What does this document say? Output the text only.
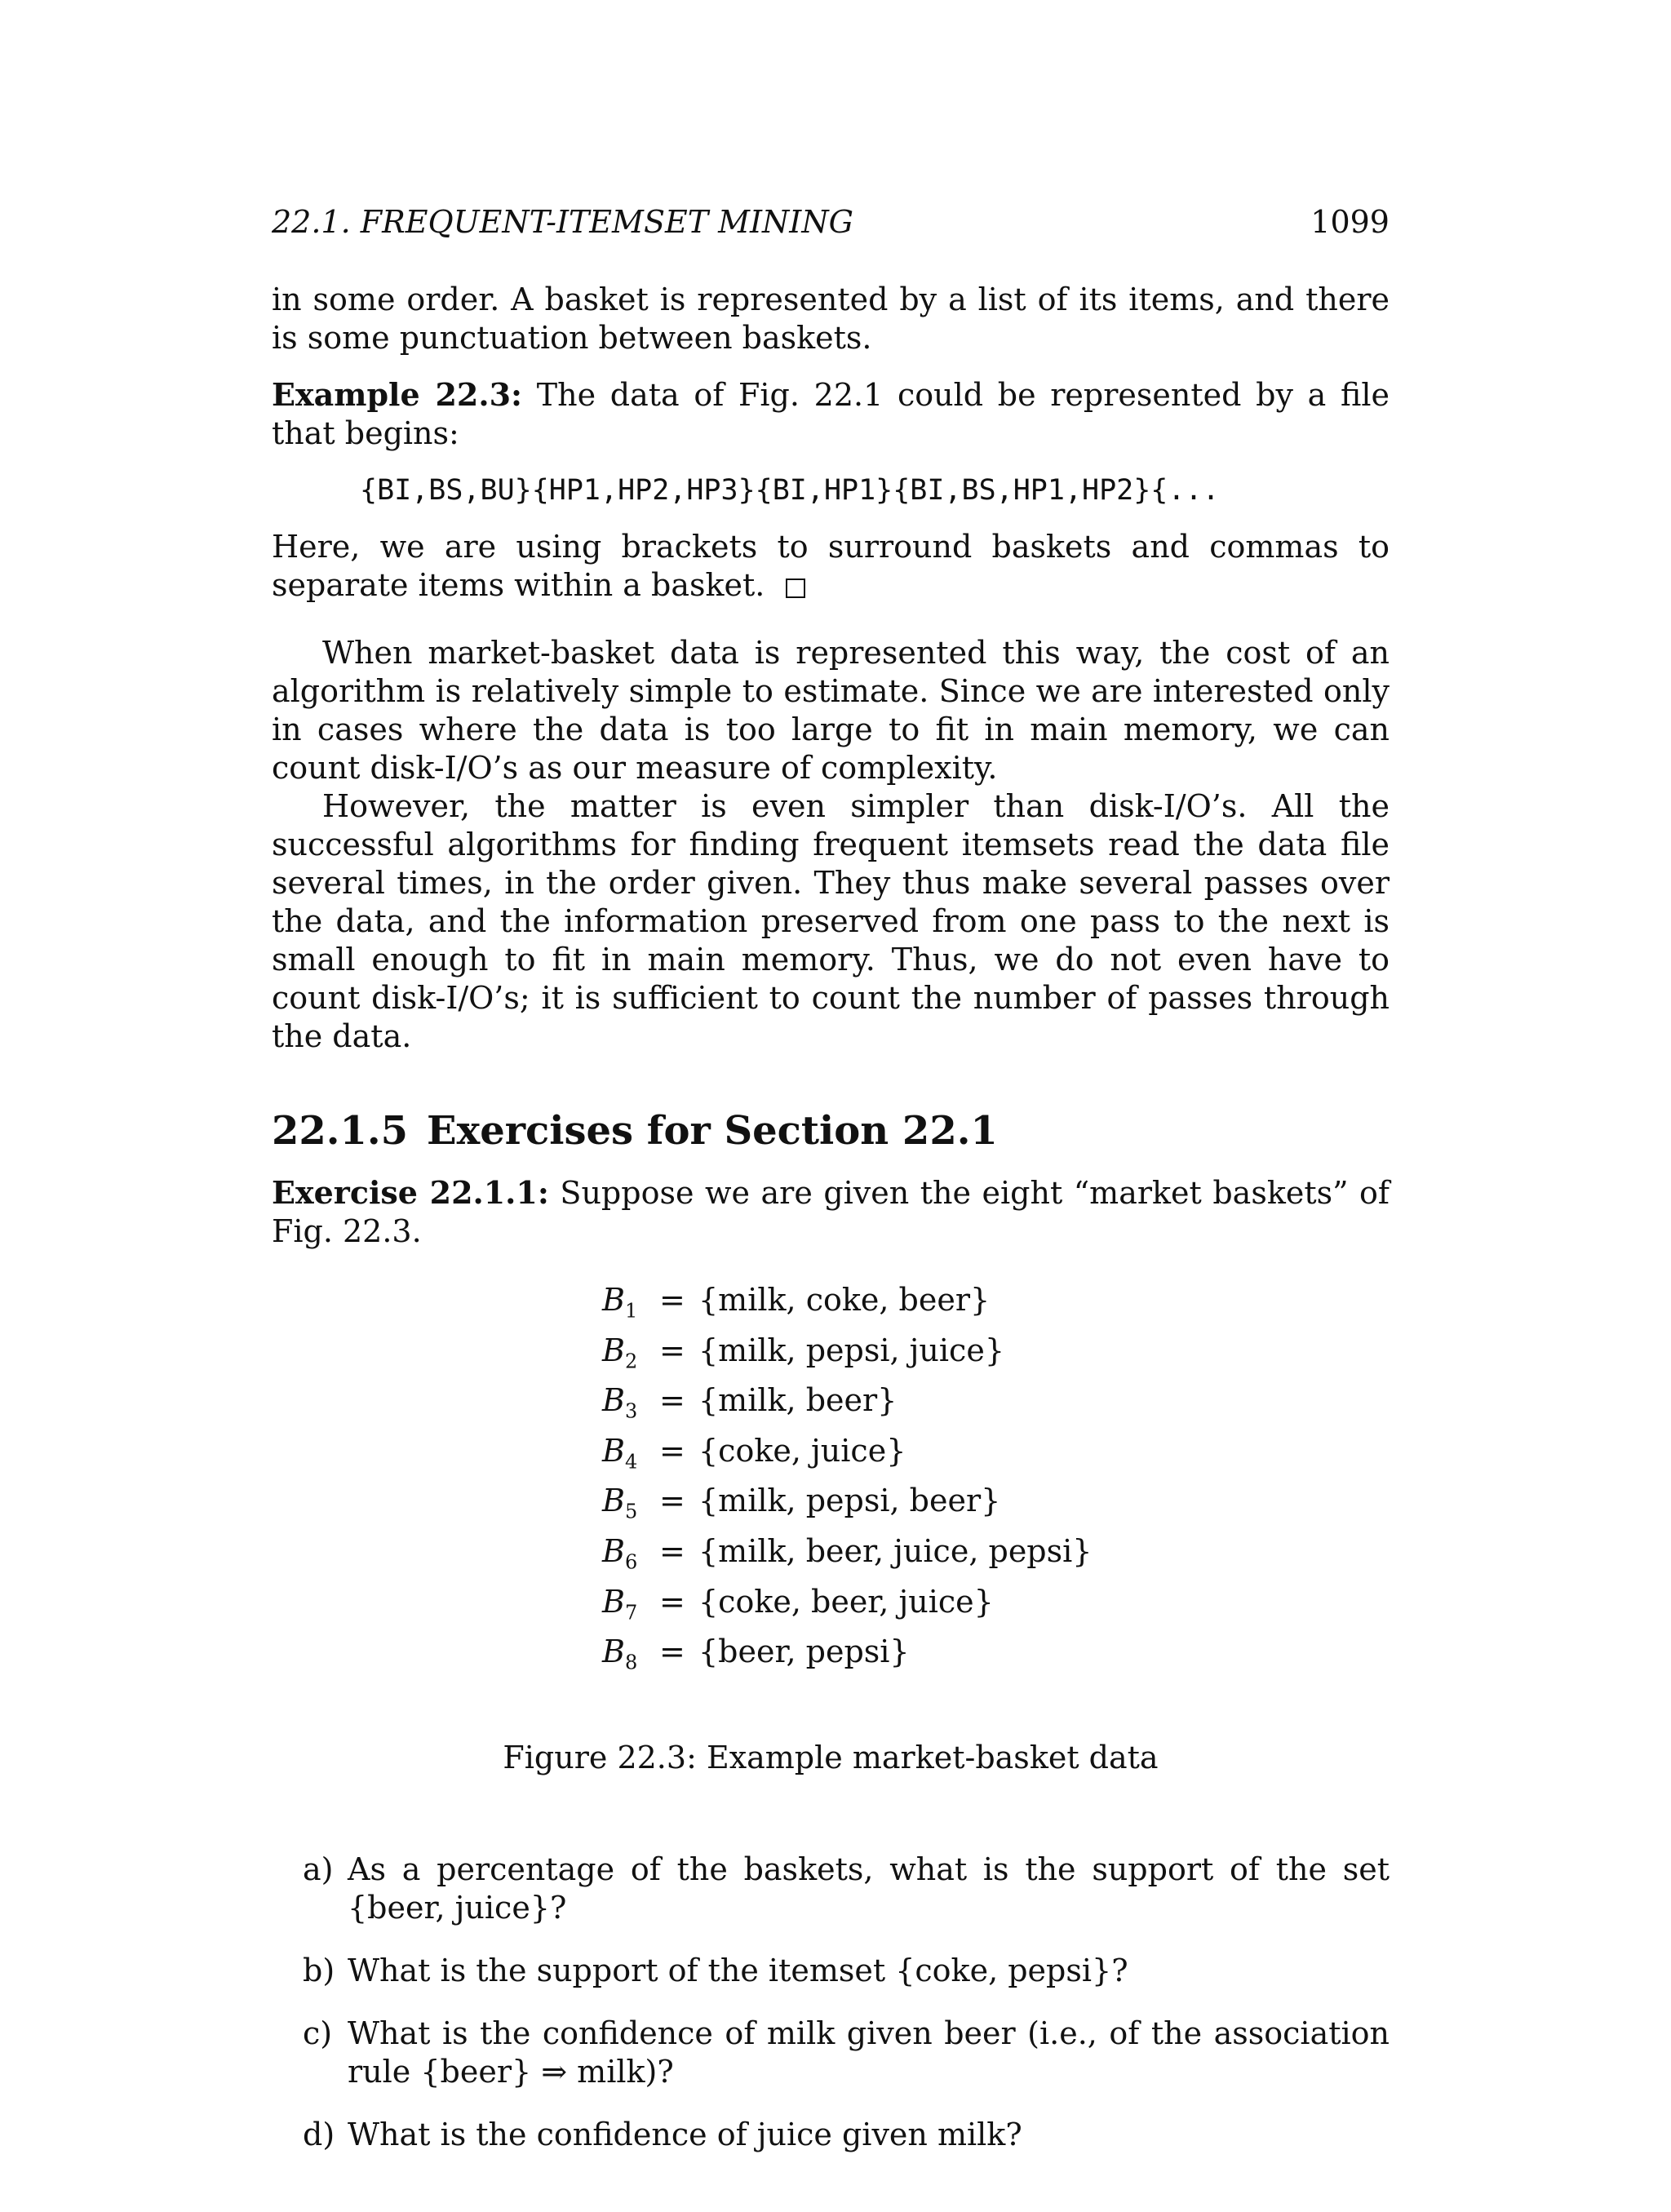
22.1. FREQUENT-ITEMSET MINING	1099

in some order. A basket is represented by a list of its items, and there is some punctuation between baskets.

Example 22.3: The data of Fig. 22.1 could be represented by a file that begins:

{BI,BS,BU}{HP1,HP2,HP3}{BI,HP1}{BI,BS,HP1,HP2}{...

Here, we are using brackets to surround baskets and commas to separate items within a basket.

When market-basket data is represented this way, the cost of an algorithm is relatively simple to estimate. Since we are interested only in cases where the data is too large to fit in main memory, we can count disk-I/O’s as our measure of complexity.

However, the matter is even simpler than disk-I/O’s. All the successful algorithms for finding frequent itemsets read the data file several times, in the order given. They thus make several passes over the data, and the information preserved from one pass to the next is small enough to fit in main memory. Thus, we do not even have to count disk-I/O’s; it is sufficient to count the number of passes through the data.

22.1.5 Exercises for Section 22.1

Exercise 22.1.1: Suppose we are given the eight “market baskets” of Fig. 22.3.

$B_1$ = {milk, coke, beer}
$B_2$ = {milk, pepsi, juice}
$B_3$ = {milk, beer}
$B_4$ = {coke, juice}
$B_5$ = {milk, pepsi, beer}
$B_6$ = {milk, beer, juice, pepsi}
$B_7$ = {coke, beer, juice}
$B_8$ = {beer, pepsi}
Figure 22.3: Example market-basket data
a) As a percentage of the baskets, what is the support of the set {beer, juice}?
b) What is the support of the itemset {coke, pepsi}?
c) What is the confidence of milk given beer (i.e., of the association rule {beer} ⇒ milk)?
d) What is the confidence of juice given milk?
